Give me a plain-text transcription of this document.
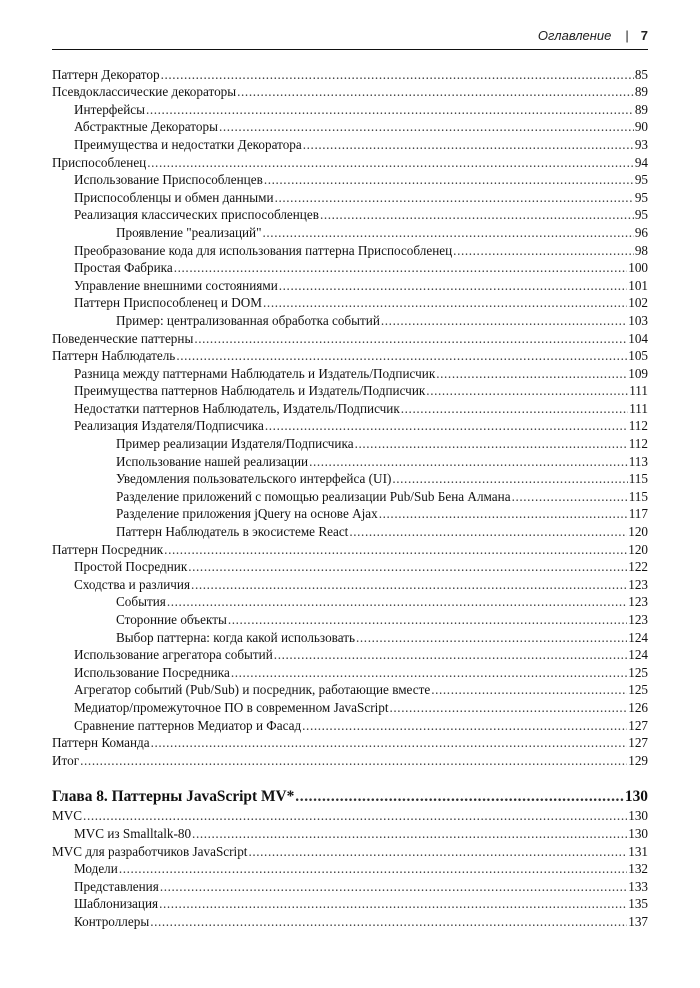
Оглавление | 7
Паттерн Декоратор .....	85
Псевдоклассические декораторы .....	89
Интерфейсы .....	89
Абстрактные Декораторы .....	90
Преимущества и недостатки Декоратора .....	93
Приспособленец .....	94
Использование Приспособленцев .....	95
Приспособленцы и обмен данными .....	95
Реализация классических приспособленцев .....	95
Проявление "реализаций" .....	96
Преобразование кода для использования паттерна Приспособленец .....	98
Простая Фабрика .....	100
Управление внешними состояниями .....	101
Паттерн Приспособленец и DOM .....	102
Пример: централизованная обработка событий .....	103
Поведенческие паттерны .....	104
Паттерн Наблюдатель .....	105
Разница между паттернами Наблюдатель и Издатель/Подписчик .....	109
Преимущества паттернов Наблюдатель и Издатель/Подписчик .....	111
Недостатки паттернов Наблюдатель, Издатель/Подписчик .....	111
Реализация Издателя/Подписчика .....	112
Пример реализации Издателя/Подписчика .....	112
Использование нашей реализации .....	113
Уведомления пользовательского интерфейса (UI) .....	115
Разделение приложений с помощью реализации Pub/Sub Бена Алмана .....	115
Разделение приложения jQuery на основе Ajax .....	117
Паттерн Наблюдатель в экосистеме React .....	120
Паттерн Посредник .....	120
Простой Посредник .....	122
Сходства и различия .....	123
События .....	123
Сторонние объекты .....	123
Выбор паттерна: когда какой использовать .....	124
Использование агрегатора событий .....	124
Использование Посредника .....	125
Агрегатор событий (Pub/Sub) и посредник, работающие вместе .....	125
Медиатор/промежуточное ПО в современном JavaScript .....	126
Сравнение паттернов Медиатор и Фасад .....	127
Паттерн Команда .....	127
Итог .....	129
Глава 8. Паттерны JavaScript MV* .....	130
MVC .....	130
MVC из Smalltalk-80 .....	130
MVC для разработчиков JavaScript .....	131
Модели .....	132
Представления .....	133
Шаблонизация .....	135
Контроллеры .....	137
